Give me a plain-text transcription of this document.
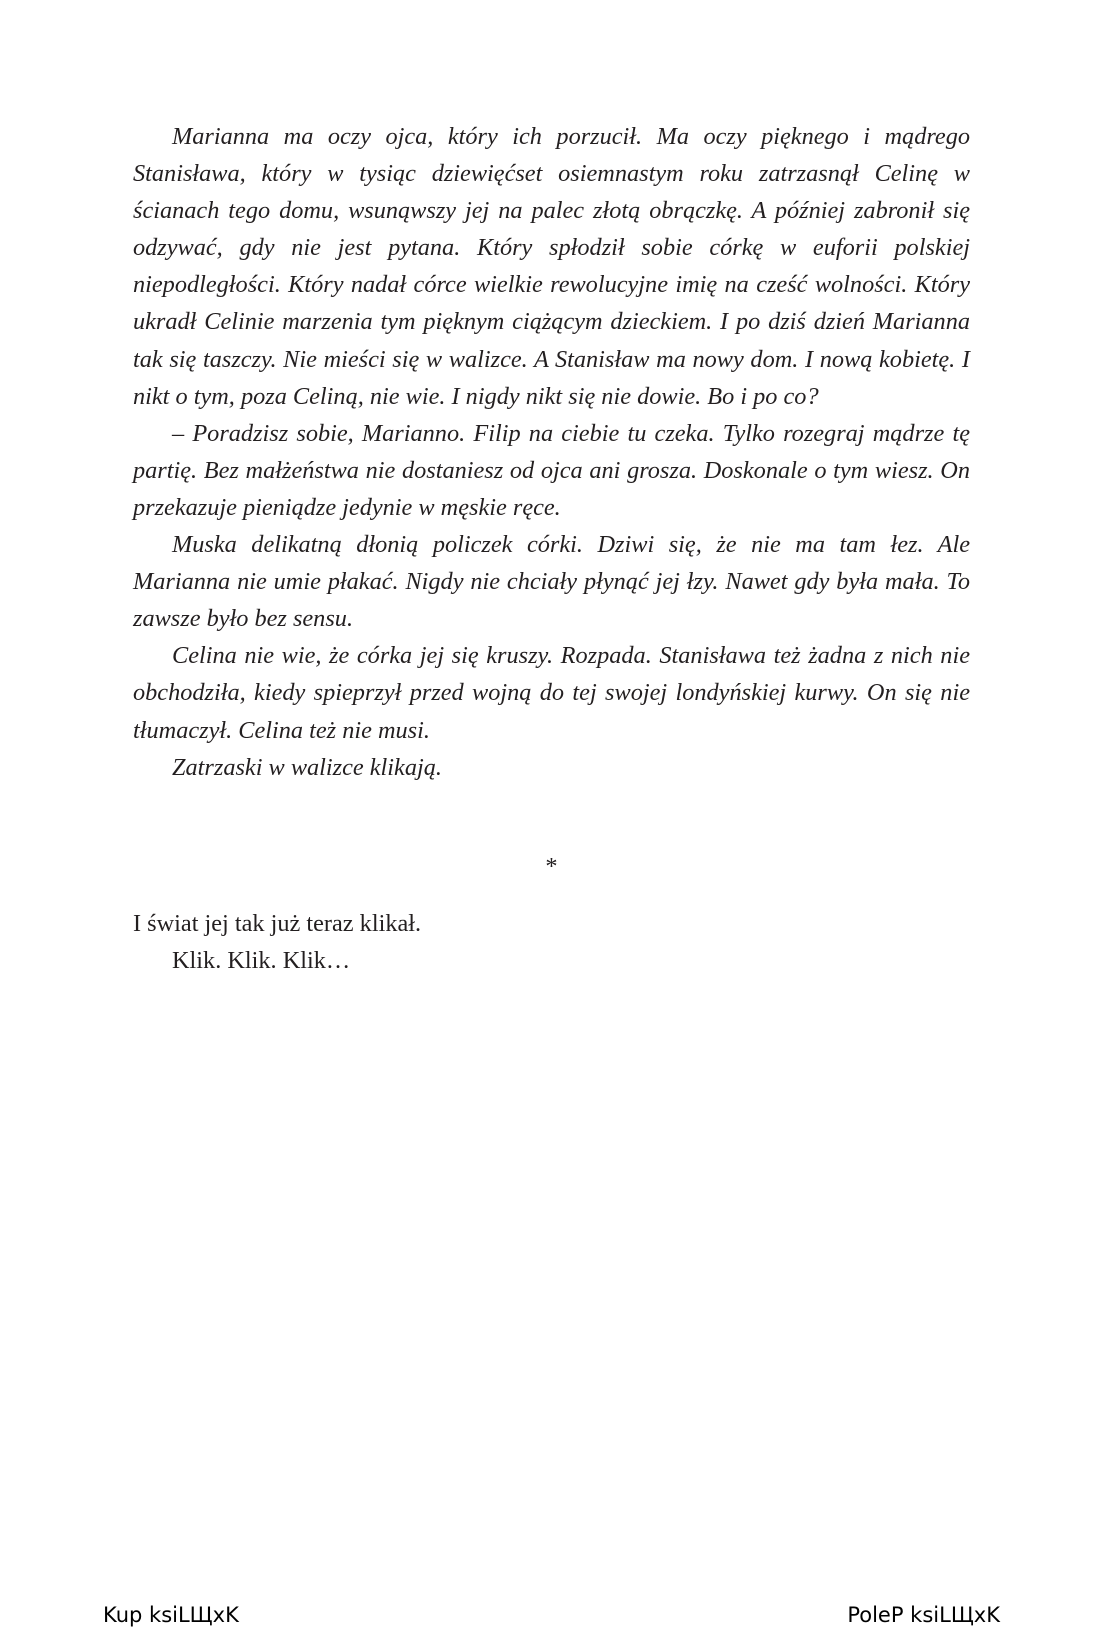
Marianna ma oczy ojca, który ich porzucił. Ma oczy pięknego i mądrego Stanisława, który w tysiąc dziewięćset osiemnastym roku zatrzasnął Celinę w ścianach tego domu, wsunąwszy jej na palec złotą obrączkę. A później zabronił się odzywać, gdy nie jest pytana. Który spłodził sobie córkę w euforii polskiej niepodległości. Który nadał córce wielkie rewolucyjne imię na cześć wolności. Który ukradł Celinie marzenia tym pięknym ciążącym dzieckiem. I po dziś dzień Marianna tak się taszczy. Nie mieści się w walizce. A Stanisław ma nowy dom. I nową kobietę. I nikt o tym, poza Celiną, nie wie. I nigdy nikt się nie dowie. Bo i po co?

– Poradzisz sobie, Marianno. Filip na ciebie tu czeka. Tylko rozegraj mądrze tę partię. Bez małżeństwa nie dostaniesz od ojca ani grosza. Doskonale o tym wiesz. On przekazuje pieniądze jedynie w męskie ręce.

Muska delikatną dłonią policzek córki. Dziwi się, że nie ma tam łez. Ale Marianna nie umie płakać. Nigdy nie chciały płynąć jej łzy. Nawet gdy była mała. To zawsze było bez sensu.

Celina nie wie, że córka jej się kruszy. Rozpada. Stanisława też żadna z nich nie obchodziła, kiedy spieprzył przed wojną do tej swojej londyńskiej kurwy. On się nie tłumaczył. Celina też nie musi.

Zatrzaski w walizce klikają.

*

I świat jej tak już teraz klikał.

Klik. Klik. Klik…

Kup ksiLЩxK	PoleP ksiLЩxK
